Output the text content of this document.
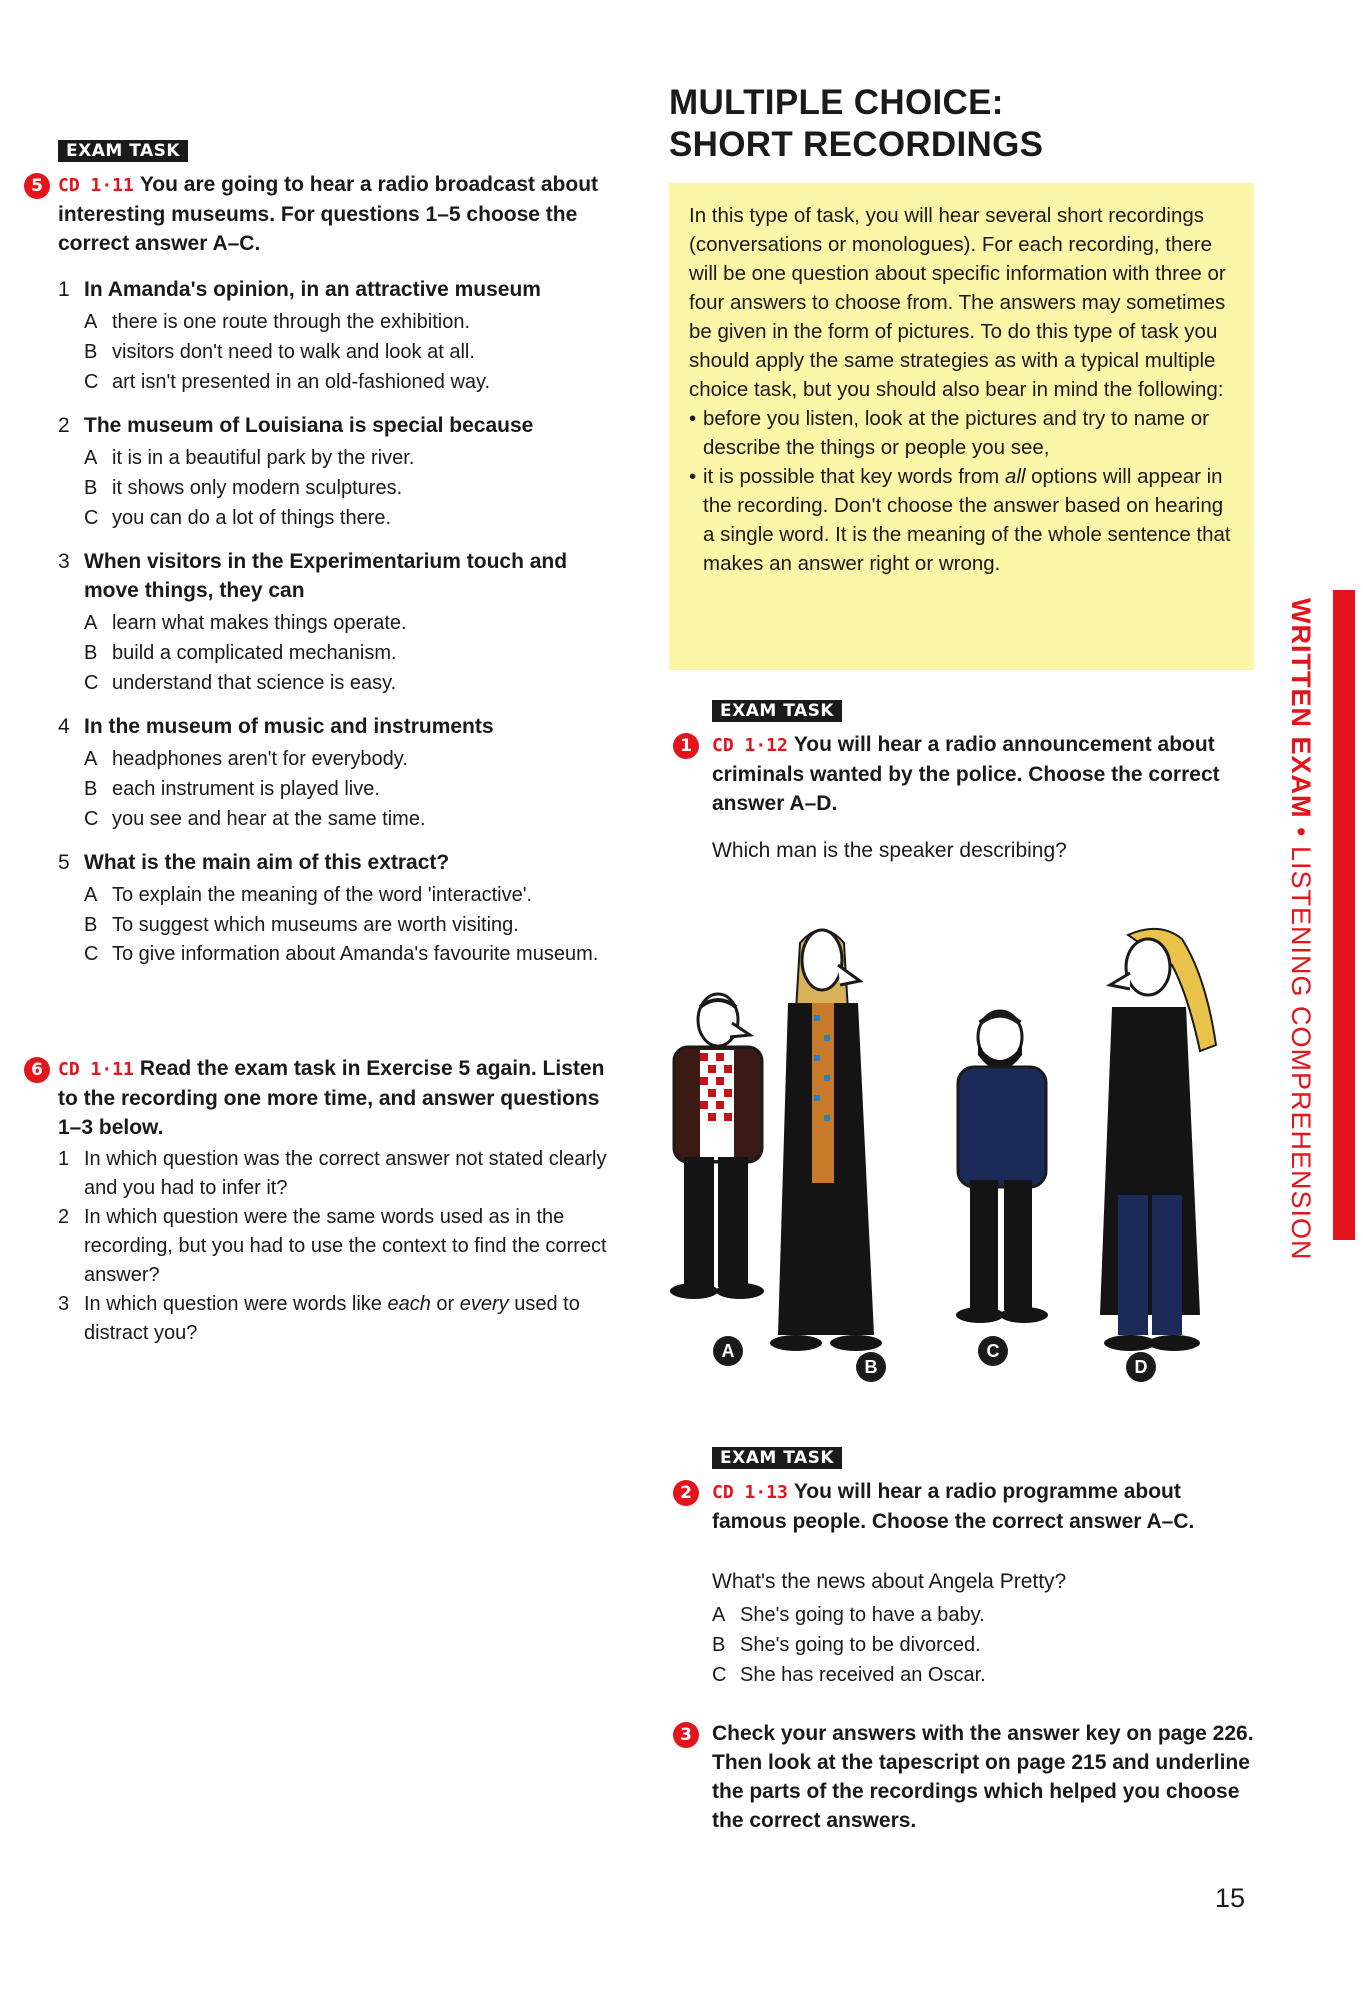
EXAM TASK
5 CD 1·11 You are going to hear a radio broadcast about interesting museums. For questions 1–5 choose the correct answer A–C.
1 In Amanda's opinion, in an attractive museum
A there is one route through the exhibition.
B visitors don't need to walk and look at all.
C art isn't presented in an old-fashioned way.
2 The museum of Louisiana is special because
A it is in a beautiful park by the river.
B it shows only modern sculptures.
C you can do a lot of things there.
3 When visitors in the Experimentarium touch and move things, they can
A learn what makes things operate.
B build a complicated mechanism.
C understand that science is easy.
4 In the museum of music and instruments
A headphones aren't for everybody.
B each instrument is played live.
C you see and hear at the same time.
5 What is the main aim of this extract?
A To explain the meaning of the word 'interactive'.
B To suggest which museums are worth visiting.
C To give information about Amanda's favourite museum.
6 CD 1·11 Read the exam task in Exercise 5 again. Listen to the recording one more time, and answer questions 1–3 below.
1 In which question was the correct answer not stated clearly and you had to infer it?
2 In which question were the same words used as in the recording, but you had to use the context to find the correct answer?
3 In which question were words like each or every used to distract you?
MULTIPLE CHOICE:
SHORT RECORDINGS

In this type of task, you will hear several short recordings (conversations or monologues). For each recording, there will be one question about specific information with three or four answers to choose from. The answers may sometimes be given in the form of pictures. To do this type of task you should apply the same strategies as with a typical multiple choice task, but you should also bear in mind the following:

• before you listen, look at the pictures and try to name or describe the things or people you see,
• it is possible that key words from all options will appear in the recording. Don't choose the answer based on hearing a single word. It is the meaning of the whole sentence that makes an answer right or wrong.
EXAM TASK
1	CD 1·12 You will hear a radio announcement about criminals wanted by the police. Choose the correct answer A–D.
Which man is the speaker describing?
A
B
C
D
EXAM TASK
2	CD 1·13 You will hear a radio programme about famous people. Choose the correct answer A–C.
What's the news about Angela Pretty?
A She's going to have a baby.
B She's going to be divorced.
C She has received an Oscar.
3 Check your answers with the answer key on page 226. Then look at the tapescript on page 215 and underline the parts of the recordings which helped you choose the correct answers.
WRITTEN EXAM • LISTENING COMPREHENSION
15
